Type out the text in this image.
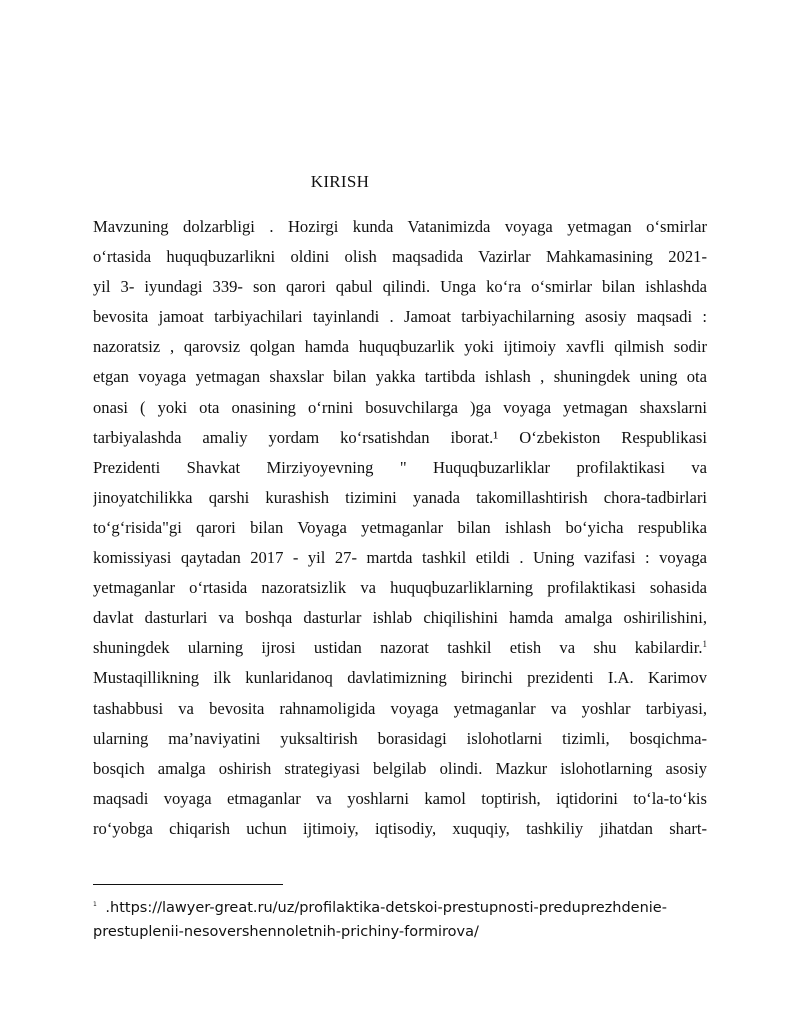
KIRISH
Mavzuning dolzarbligi . Hozirgi kunda Vatanimizda voyaga yetmagan o‘smirlar
o‘rtasida huquqbuzarlikni oldini olish maqsadida Vazirlar Mahkamasining 2021-
yil 3- iyundagi 339- son qarori qabul qilindi. Unga ko‘ra o‘smirlar bilan ishlashda
bevosita jamoat tarbiyachilari tayinlandi . Jamoat tarbiyachilarning asosiy maqsadi :
nazoratsiz , qarovsiz qolgan hamda huquqbuzarlik yoki ijtimoiy xavfli qilmish sodir
etgan voyaga yetmagan shaxslar bilan yakka tartibda ishlash , shuningdek uning ota
onasi ( yoki ota onasining o‘rnini bosuvchilarga )ga voyaga yetmagan shaxslarni
tarbiyalashda amaliy yordam ko‘rsatishdan iborat.¹ O‘zbekiston Respublikasi
Prezidenti Shavkat Mirziyoyevning " Huquqbuzarliklar profilaktikasi va
jinoyatchilikka qarshi kurashish tizimini yanada takomillashtirish chora-tadbirlari
to‘g‘risida"gi qarori bilan Voyaga yetmaganlar bilan ishlash bo‘yicha respublika
komissiyasi qaytadan 2017 - yil 27- martda tashkil etildi . Uning vazifasi : voyaga
yetmaganlar o‘rtasida nazoratsizlik va huquqbuzarliklarning profilaktikasi sohasida
davlat dasturlari va boshqa dasturlar ishlab chiqilishini hamda amalga oshirilishini,
shuningdek ularning ijrosi ustidan nazorat tashkil etish va shu kabilardir.$^1$
Mustaqillikning ilk kunlaridanoq davlatimizning birinchi prezidenti I.A. Karimov
tashabbusi va bevosita rahnamoligida voyaga yetmaganlar va yoshlar tarbiyasi,
ularning ma’naviyatini yuksaltirish borasidagi islohotlarni tizimli, bosqichma-
bosqich amalga oshirish strategiyasi belgilab olindi. Mazkur islohotlarning asosiy
maqsadi voyaga etmaganlar va yoshlarni kamol toptirish, iqtidorini to‘la-to‘kis
ro‘yobga chiqarish uchun ijtimoiy, iqtisodiy, xuquqiy, tashkiliy jihatdan shart-
$^1$ .https://lawyer-great.ru/uz/profilaktika-detskoi-prestupnosti-preduprezhdenie-prestuplenii-nesovershennoletnih-prichiny-formirova/
